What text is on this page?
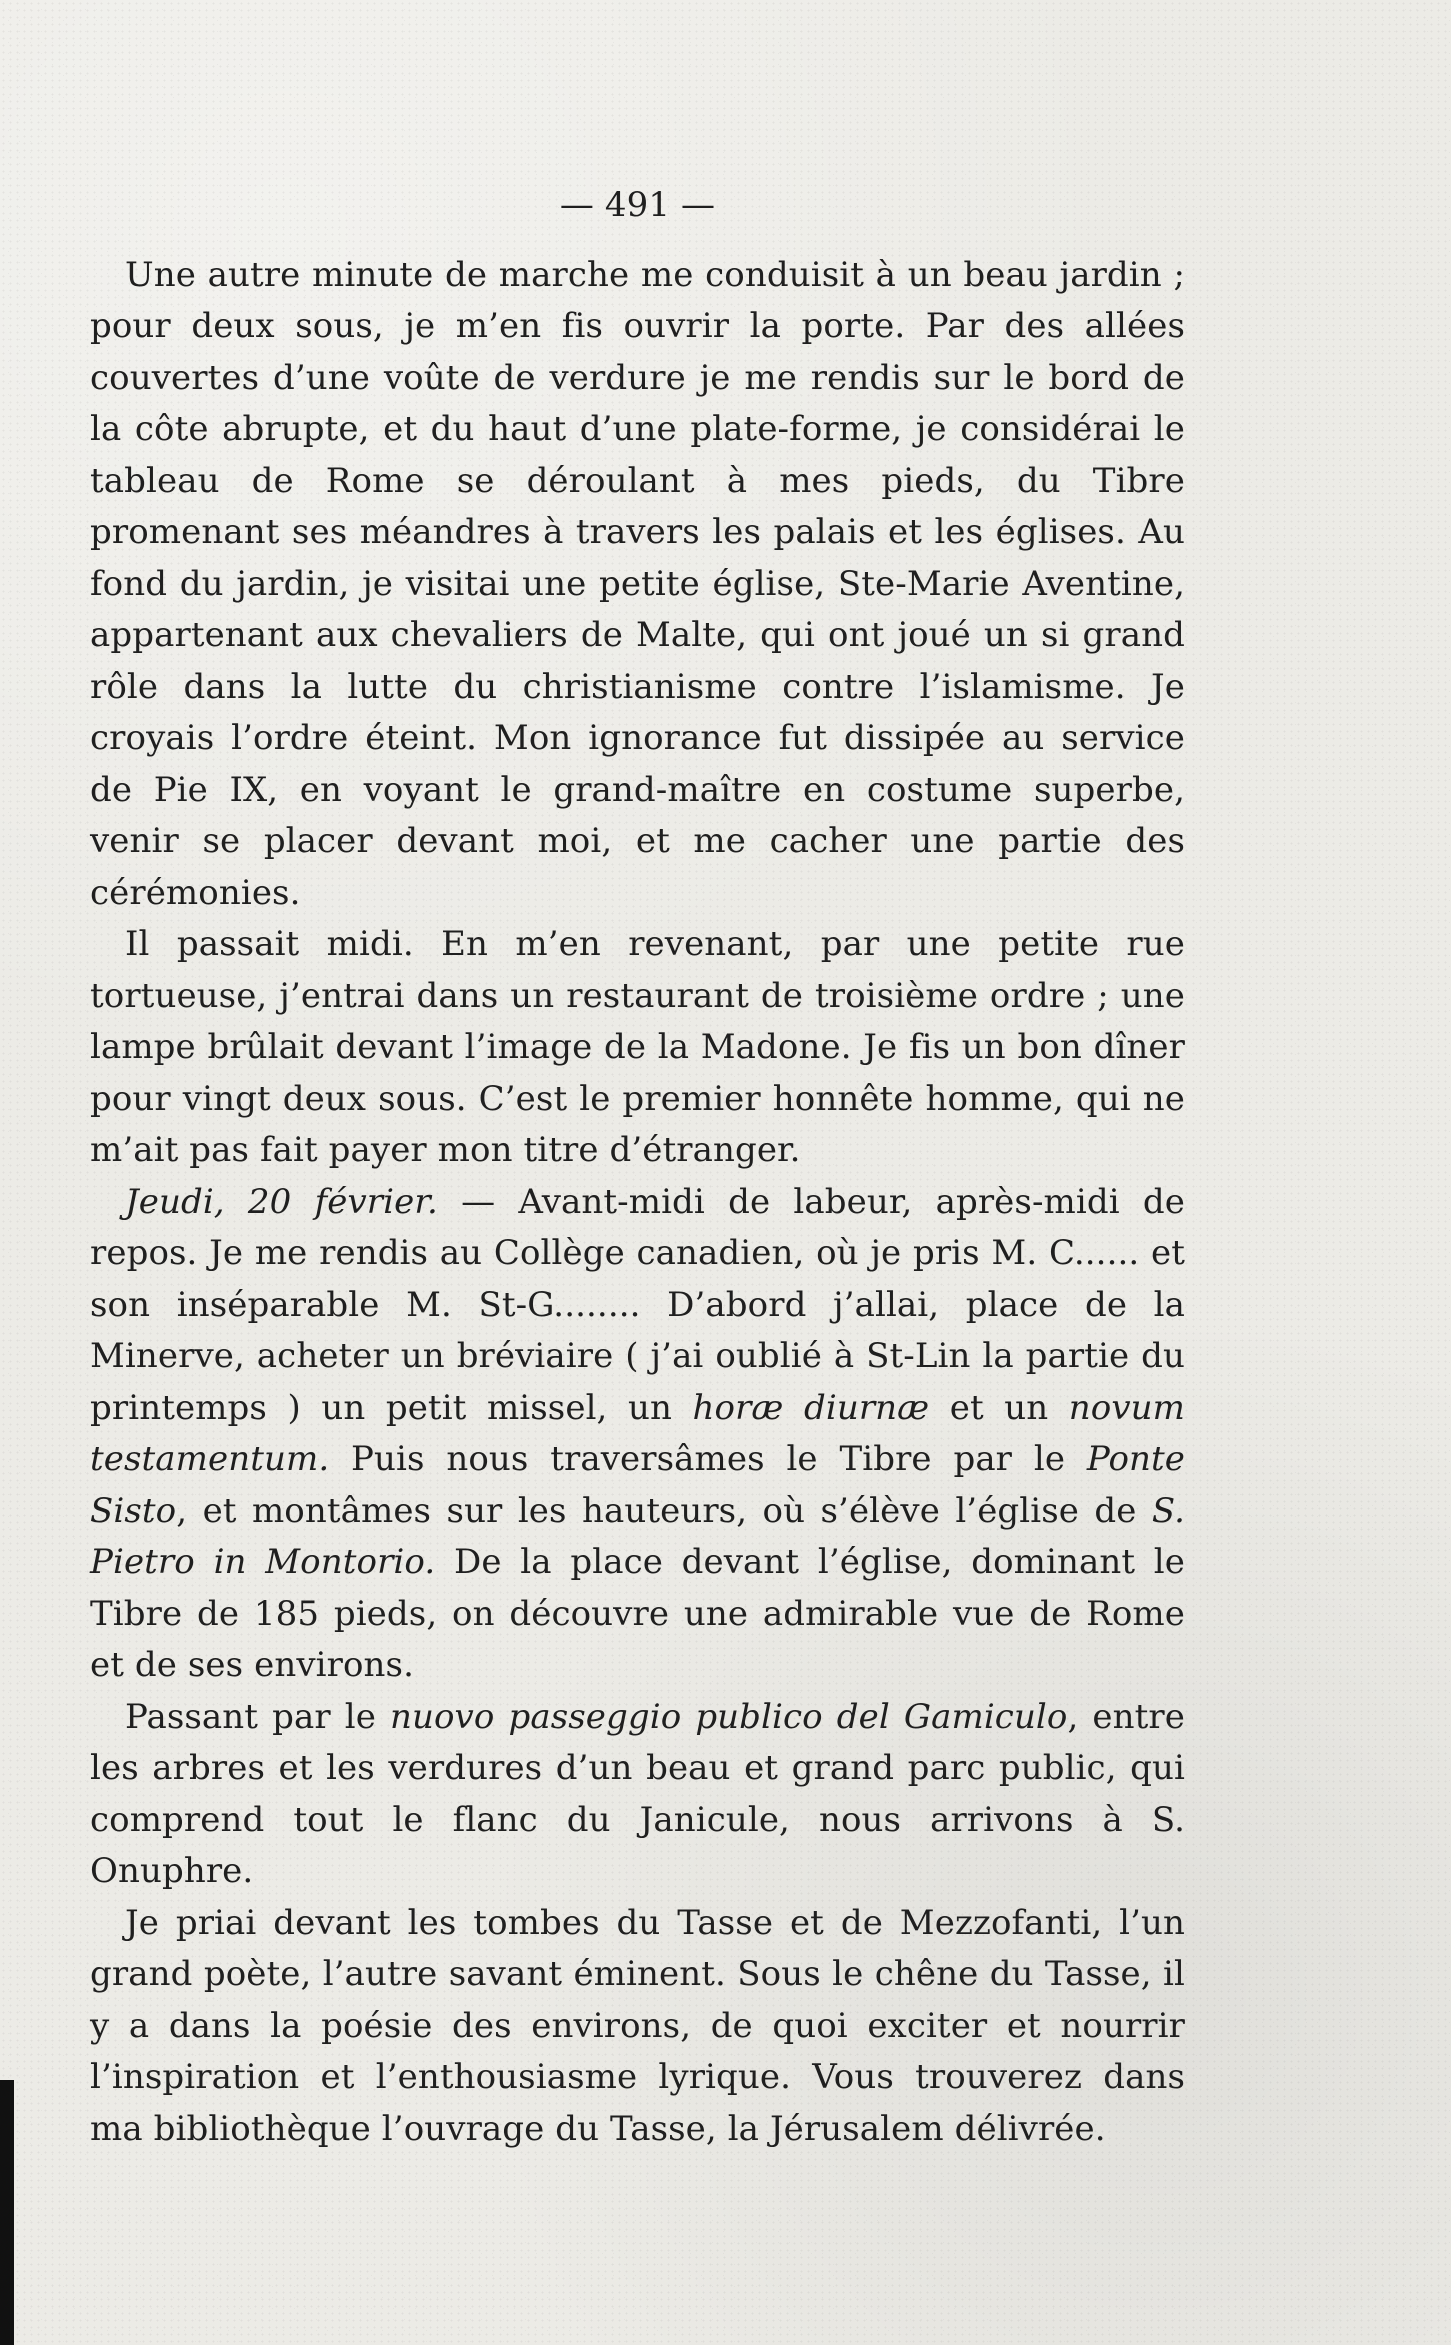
— 491 —

Une autre minute de marche me conduisit à un beau jardin ; pour deux sous, je m’en fis ouvrir la porte. Par des allées couvertes d’une voûte de verdure je me rendis sur le bord de la côte abrupte, et du haut d’une plate-forme, je considérai le tableau de Rome se déroulant à mes pieds, du Tibre promenant ses méandres à travers les palais et les églises. Au fond du jardin, je visitai une petite église, Ste-Marie Aventine, appartenant aux chevaliers de Malte, qui ont joué un si grand rôle dans la lutte du christianisme contre l’islamisme. Je croyais l’ordre éteint. Mon ignorance fut dissipée au service de Pie IX, en voyant le grand-maître en costume superbe, venir se placer devant moi, et me cacher une partie des cérémonies.

Il passait midi. En m’en revenant, par une petite rue tortueuse, j’entrai dans un restaurant de troisième ordre ; une lampe brûlait devant l’image de la Madone. Je fis un bon dîner pour vingt deux sous. C’est le premier honnête homme, qui ne m’ait pas fait payer mon titre d’étranger.

Jeudi, 20 février. — Avant-midi de labeur, après-midi de repos. Je me rendis au Collège canadien, où je pris M. C...... et son inséparable M. St-G........ D’abord j’allai, place de la Minerve, acheter un bréviaire ( j’ai oublié à St-Lin la partie du printemps ) un petit missel, un horæ diurnæ et un novum testamentum. Puis nous traversâmes le Tibre par le Ponte Sisto, et montâmes sur les hauteurs, où s’élève l’église de S. Pietro in Montorio. De la place devant l’église, dominant le Tibre de 185 pieds, on découvre une admirable vue de Rome et de ses environs.

Passant par le nuovo passeggio publico del Gamiculo, entre les arbres et les verdures d’un beau et grand parc public, qui comprend tout le flanc du Janicule, nous arrivons à S. Onuphre.

Je priai devant les tombes du Tasse et de Mezzofanti, l’un grand poète, l’autre savant éminent. Sous le chêne du Tasse, il y a dans la poésie des environs, de quoi exciter et nourrir l’inspiration et l’enthousiasme lyrique. Vous trouverez dans ma bibliothèque l’ouvrage du Tasse, la Jérusalem délivrée.
